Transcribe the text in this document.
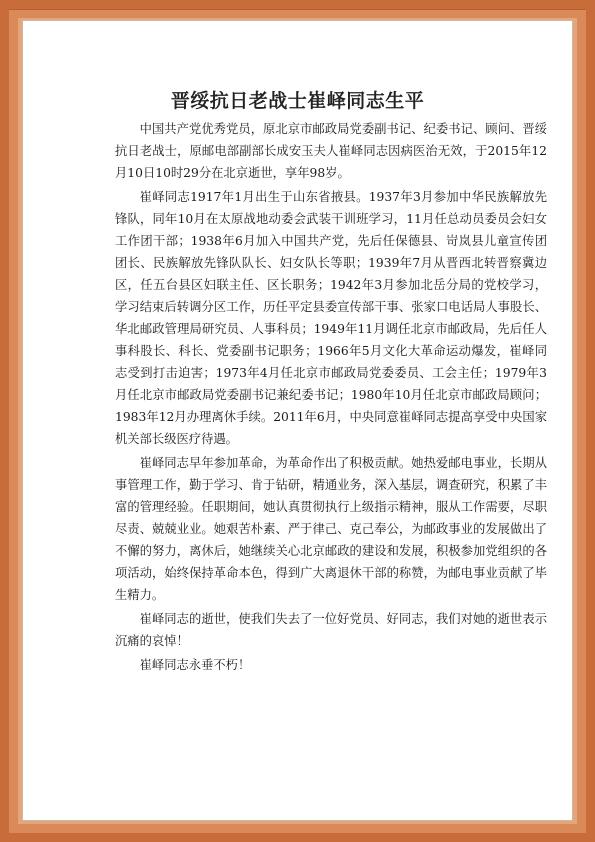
晋绥抗日老战士崔峄同志生平

中国共产党优秀党员，原北京市邮政局党委副书记、纪委书记、顾问、晋绥抗日老战士，原邮电部副部长成安玉夫人崔峄同志因病医治无效，于2015年12月10日10时29分在北京逝世，享年98岁。

崔峄同志1917年1月出生于山东省掖县。1937年3月参加中华民族解放先锋队，同年10月在太原战地动委会武装干训班学习，11月任总动员委员会妇女工作团干部；1938年6月加入中国共产党，先后任保德县、岢岚县儿童宣传团团长、民族解放先锋队队长、妇女队长等职；1939年7月从晋西北转晋察冀边区，任五台县区妇联主任、区长职务；1942年3月参加北岳分局的党校学习，学习结束后转调分区工作，历任平定县委宣传部干事、张家口电话局人事股长、华北邮政管理局研究员、人事科员；1949年11月调任北京市邮政局，先后任人事科股长、科长、党委副书记职务；1966年5月文化大革命运动爆发，崔峄同志受到打击迫害；1973年4月任北京市邮政局党委委员、工会主任；1979年3月任北京市邮政局党委副书记兼纪委书记；1980年10月任北京市邮政局顾问；1983年12月办理离休手续。2011年6月，中央同意崔峄同志提高享受中央国家机关部长级医疗待遇。

崔峄同志早年参加革命，为革命作出了积极贡献。她热爱邮电事业，长期从事管理工作，勤于学习、肯于钻研，精通业务，深入基层，调查研究，积累了丰富的管理经验。任职期间，她认真贯彻执行上级指示精神，服从工作需要，尽职尽责、兢兢业业。她艰苦朴素、严于律己、克己奉公，为邮政事业的发展做出了不懈的努力，离休后，她继续关心北京邮政的建设和发展，积极参加党组织的各项活动，始终保持革命本色，得到广大离退休干部的称赞，为邮电事业贡献了毕生精力。

崔峄同志的逝世，使我们失去了一位好党员、好同志，我们对她的逝世表示沉痛的哀悼！

崔峄同志永垂不朽！
